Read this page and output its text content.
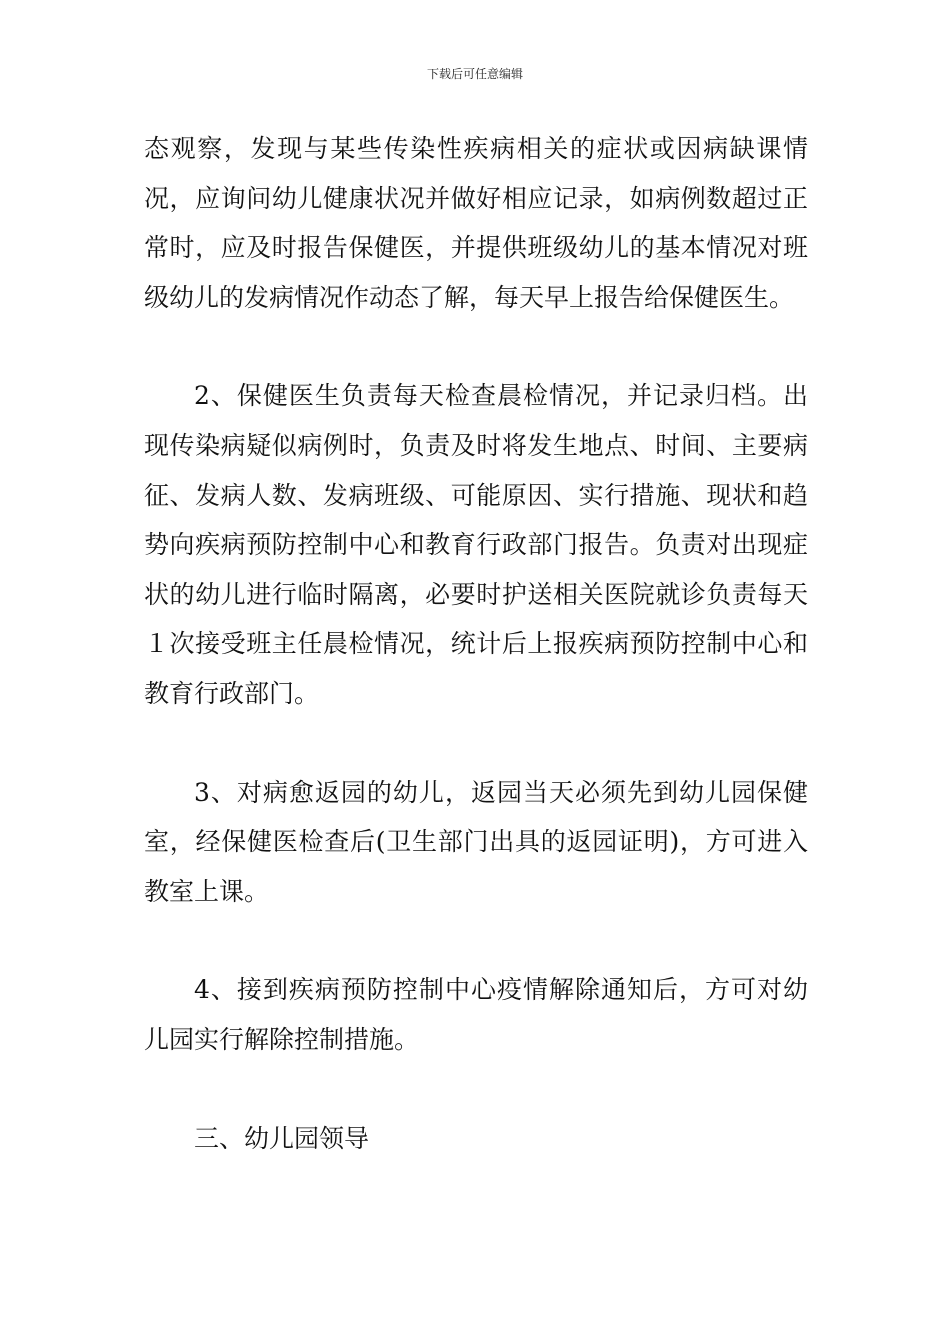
下载后可任意编辑

态观察，发现与某些传染性疾病相关的症状或因病缺课情况，应询问幼儿健康状况并做好相应记录，如病例数超过正常时，应及时报告保健医，并提供班级幼儿的基本情况对班级幼儿的发病情况作动态了解，每天早上报告给保健医生。

2、保健医生负责每天检查晨检情况，并记录归档。出现传染病疑似病例时，负责及时将发生地点、时间、主要病征、发病人数、发病班级、可能原因、实行措施、现状和趋势向疾病预防控制中心和教育行政部门报告。负责对出现症状的幼儿进行临时隔离，必要时护送相关医院就诊负责每天１次接受班主任晨检情况，统计后上报疾病预防控制中心和教育行政部门。

3、对病愈返园的幼儿，返园当天必须先到幼儿园保健室，经保健医检查后(卫生部门出具的返园证明)，方可进入教室上课。

4、接到疾病预防控制中心疫情解除通知后，方可对幼儿园实行解除控制措施。

三、幼儿园领导
